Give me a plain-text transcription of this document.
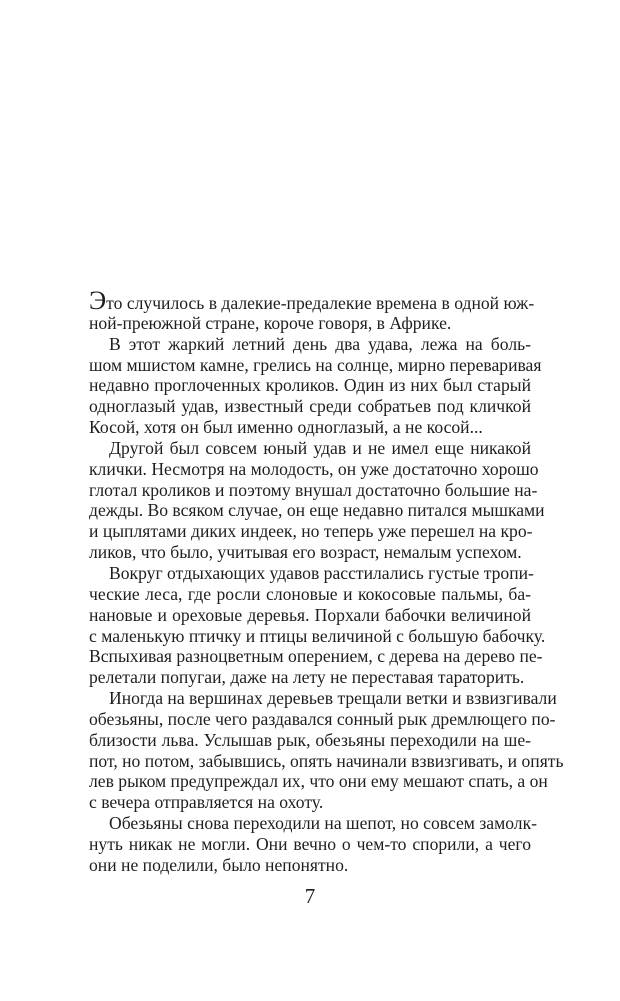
Это случилось в далекие-предалекие времена в одной юж-
ной-преюжной стране, короче говоря, в Африке.
В этот жаркий летний день два удава, лежа на боль-
шом мшистом камне, грелись на солнце, мирно переваривая
недавно проглоченных кроликов. Один из них был старый
одноглазый удав, известный среди собратьев под кличкой
Косой, хотя он был именно одноглазый, а не косой...
Другой был совсем юный удав и не имел еще никакой
клички. Несмотря на молодость, он уже достаточно хорошо
глотал кроликов и поэтому внушал достаточно большие на-
дежды. Во всяком случае, он еще недавно питался мышками
и цыплятами диких индеек, но теперь уже перешел на кро-
ликов, что было, учитывая его возраст, немалым успехом.
Вокруг отдыхающих удавов расстилались густые тропи-
ческие леса, где росли слоновые и кокосовые пальмы, ба-
нановые и ореховые деревья. Порхали бабочки величиной
с маленькую птичку и птицы величиной с большую бабочку.
Вспыхивая разноцветным оперением, с дерева на дерево пе-
релетали попугаи, даже на лету не переставая тараторить.
Иногда на вершинах деревьев трещали ветки и взвизгивали
обезьяны, после чего раздавался сонный рык дремлющего по-
близости льва. Услышав рык, обезьяны переходили на ше-
пот, но потом, забывшись, опять начинали взвизгивать, и опять
лев рыком предупреждал их, что они ему мешают спать, а он
с вечера отправляется на охоту.
Обезьяны снова переходили на шепот, но совсем замолк-
нуть никак не могли. Они вечно о чем-то спорили, а чего
они не поделили, было непонятно.
7
